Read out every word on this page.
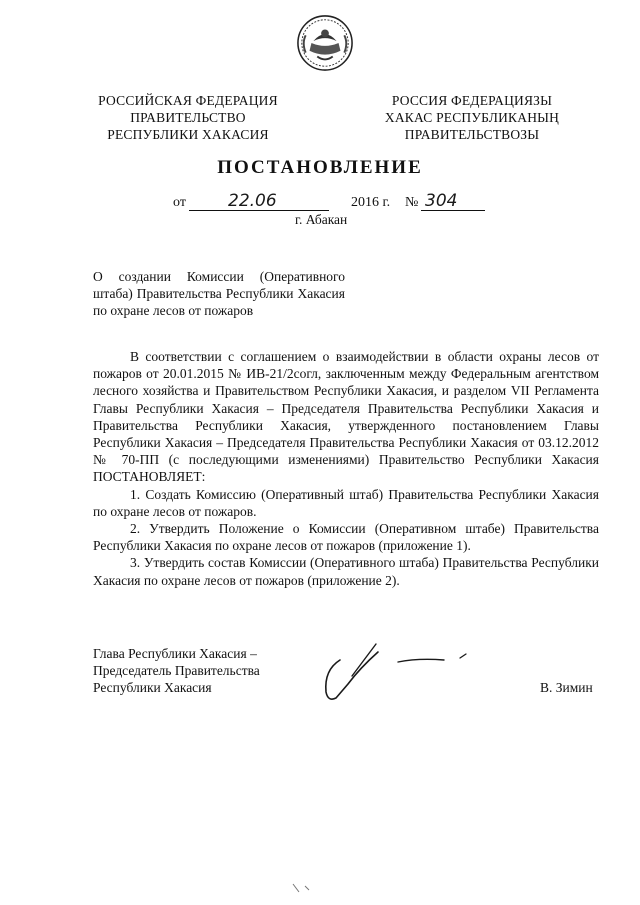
РОССИЙСКАЯ ФЕДЕРАЦИЯ
ПРАВИТЕЛЬСТВО
РЕСПУБЛИКИ ХАКАСИЯ
РОССИЯ ФЕДЕРАЦИЯЗЫ
ХАКАС РЕСПУБЛИКАНЫҢ
ПРАВИТЕЛЬСТВОЗЫ
ПОСТАНОВЛЕНИЕ
от 22.06	2016 г. № 304
г. Абакан
О создании Комиссии (Оперативного штаба) Правительства Республики Хакасия по охране лесов от пожаров

В соответствии с соглашением о взаимодействии в области охраны лесов от пожаров от 20.01.2015 № ИВ-21/2согл, заключенным между Федеральным агентством лесного хозяйства и Правительством Республики Хакасия, и разделом VII Регламента Главы Республики Хакасия – Председателя Правительства Республики Хакасия и Правительства Республики Хакасия, утвержденного постановлением Главы Республики Хакасия – Председателя Правительства Республики Хакасия от 03.12.2012 № 70-ПП (с последующими изменениями) Правительство Республики Хакасия ПОСТАНОВЛЯЕТ:

1. Создать Комиссию (Оперативный штаб) Правительства Республики Хакасия по охране лесов от пожаров.

2. Утвердить Положение о Комиссии (Оперативном штабе) Правительства Республики Хакасия по охране лесов от пожаров (приложение 1).

3. Утвердить состав Комиссии (Оперативного штаба) Правительства Республики Хакасия по охране лесов от пожаров (приложение 2).

Глава Республики Хакасия –
Председатель Правительства
Республики Хакасия	В. Зимин
